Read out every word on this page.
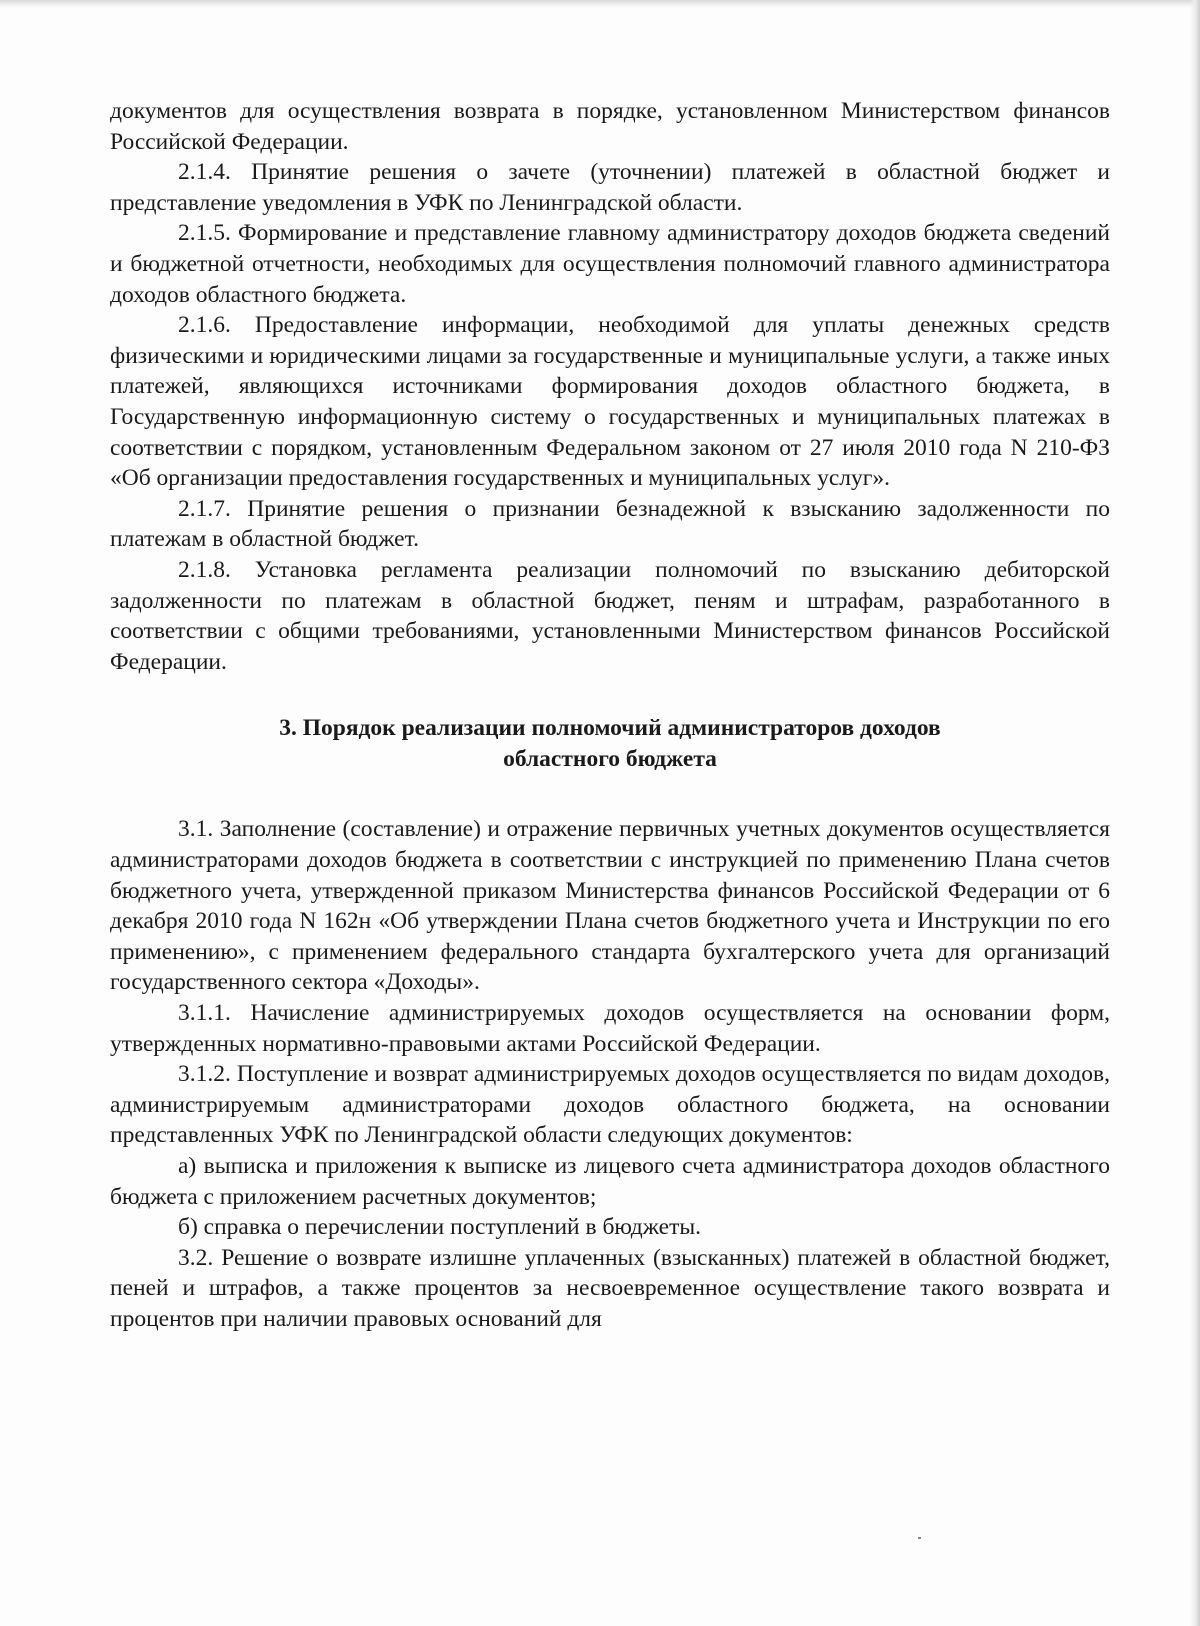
документов для осуществления возврата в порядке, установленном Министерством финансов Российской Федерации.

2.1.4. Принятие решения о зачете (уточнении) платежей в областной бюджет и представление уведомления в УФК по Ленинградской области.

2.1.5. Формирование и представление главному администратору доходов бюджета сведений и бюджетной отчетности, необходимых для осуществления полномочий главного администратора доходов областного бюджета.

2.1.6. Предоставление информации, необходимой для уплаты денежных средств физическими и юридическими лицами за государственные и муниципальные услуги, а также иных платежей, являющихся источниками формирования доходов областного бюджета, в Государственную информационную систему о государственных и муниципальных платежах в соответствии с порядком, установленным Федеральном законом от 27 июля 2010 года N 210-ФЗ «Об организации предоставления государственных и муниципальных услуг».

2.1.7. Принятие решения о признании безнадежной к взысканию задолженности по платежам в областной бюджет.

2.1.8. Установка регламента реализации полномочий по взысканию дебиторской задолженности по платежам в областной бюджет, пеням и штрафам, разработанного в соответствии с общими требованиями, установленными Министерством финансов Российской Федерации.

3. Порядок реализации полномочий администраторов доходов

областного бюджета

3.1. Заполнение (составление) и отражение первичных учетных документов осуществляется администраторами доходов бюджета в соответствии с инструкцией по применению Плана счетов бюджетного учета, утвержденной приказом Министерства финансов Российской Федерации от 6 декабря 2010 года N 162н «Об утверждении Плана счетов бюджетного учета и Инструкции по его применению», с применением федерального стандарта бухгалтерского учета для организаций государственного сектора «Доходы».

3.1.1. Начисление администрируемых доходов осуществляется на основании форм, утвержденных нормативно-правовыми актами Российской Федерации.

3.1.2. Поступление и возврат администрируемых доходов осуществляется по видам доходов, администрируемым администраторами доходов областного бюджета, на основании представленных УФК по Ленинградской области следующих документов:

а) выписка и приложения к выписке из лицевого счета администратора доходов областного бюджета с приложением расчетных документов;

б) справка о перечислении поступлений в бюджеты.

3.2. Решение о возврате излишне уплаченных (взысканных) платежей в областной бюджет, пеней и штрафов, а также процентов за несвоевременное осуществление такого возврата и процентов при наличии правовых оснований для
